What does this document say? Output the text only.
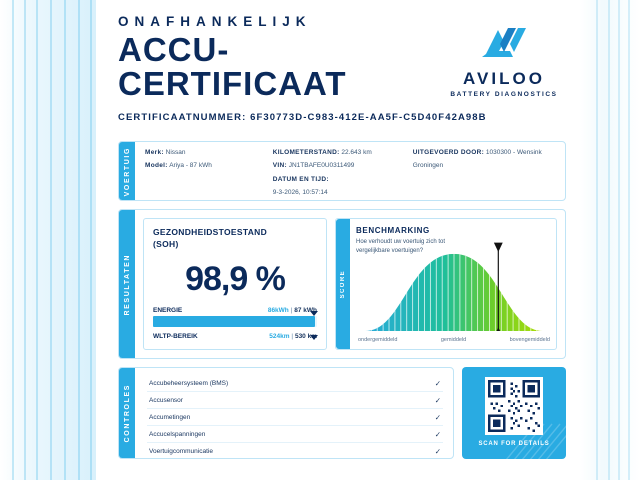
ONAFHANKELIJK
ACCU-
CERTIFICAAT
CERTIFICAATNUMMER: 6F30773D-C983-412E-AA5F-C5D40F42A98B
AVILOO
BATTERY DIAGNOSTICS
VOERTUIG Merk: Nissan
Model: Ariya - 87 kWh
KILOMETERSTAND: 22.643 km
VIN: JN1TBAFE0U0311499
DATUM EN TIJD:
9-3-2026, 10:57:14
UITGEVOERD DOOR: 1030300 - Wensink
Groningen
RESULTATEN
GEZONDHEIDSTOESTAND
(SOH)
98,9 %
ENERGIE	86kWh | 87 kWh
WLTP-BEREIK	524km | 530 km
SCORE
BENCHMARKING
Hoe verhoudt uw voertuig zich tot vergelijkbare voertuigen?
ondergemiddeld	gemiddeld	bovengemiddeld
CONTROLES
Accubeheersysteem (BMS)	✓
Accusensor	✓
Accumetingen	✓
Accucelspanningen	✓
Voertuigcommunicatie	✓
SCAN FOR DETAILS
